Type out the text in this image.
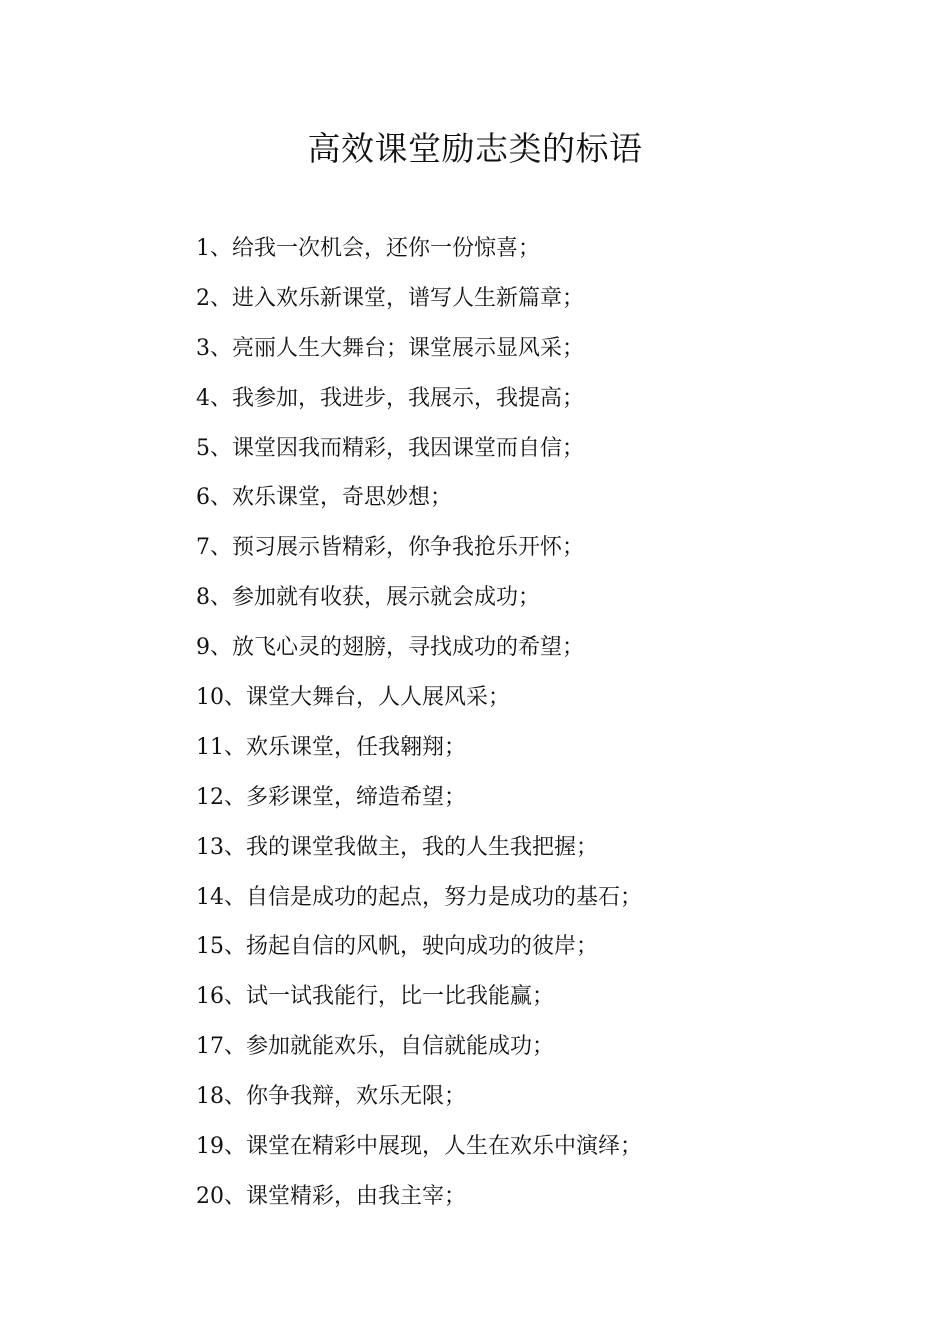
高效课堂励志类的标语
1、给我一次机会，还你一份惊喜；
2、进入欢乐新课堂，谱写人生新篇章；
3、亮丽人生大舞台；课堂展示显风采；
4、我参加，我进步，我展示，我提高；
5、课堂因我而精彩，我因课堂而自信；
6、欢乐课堂，奇思妙想；
7、预习展示皆精彩，你争我抢乐开怀；
8、参加就有收获，展示就会成功；
9、放飞心灵的翅膀，寻找成功的希望；
10、课堂大舞台，人人展风采；
11、欢乐课堂，任我翱翔；
12、多彩课堂，缔造希望；
13、我的课堂我做主，我的人生我把握；
14、自信是成功的起点，努力是成功的基石；
15、扬起自信的风帆，驶向成功的彼岸；
16、试一试我能行，比一比我能赢；
17、参加就能欢乐，自信就能成功；
18、你争我辩，欢乐无限；
19、课堂在精彩中展现，人生在欢乐中演绎；
20、课堂精彩，由我主宰；
